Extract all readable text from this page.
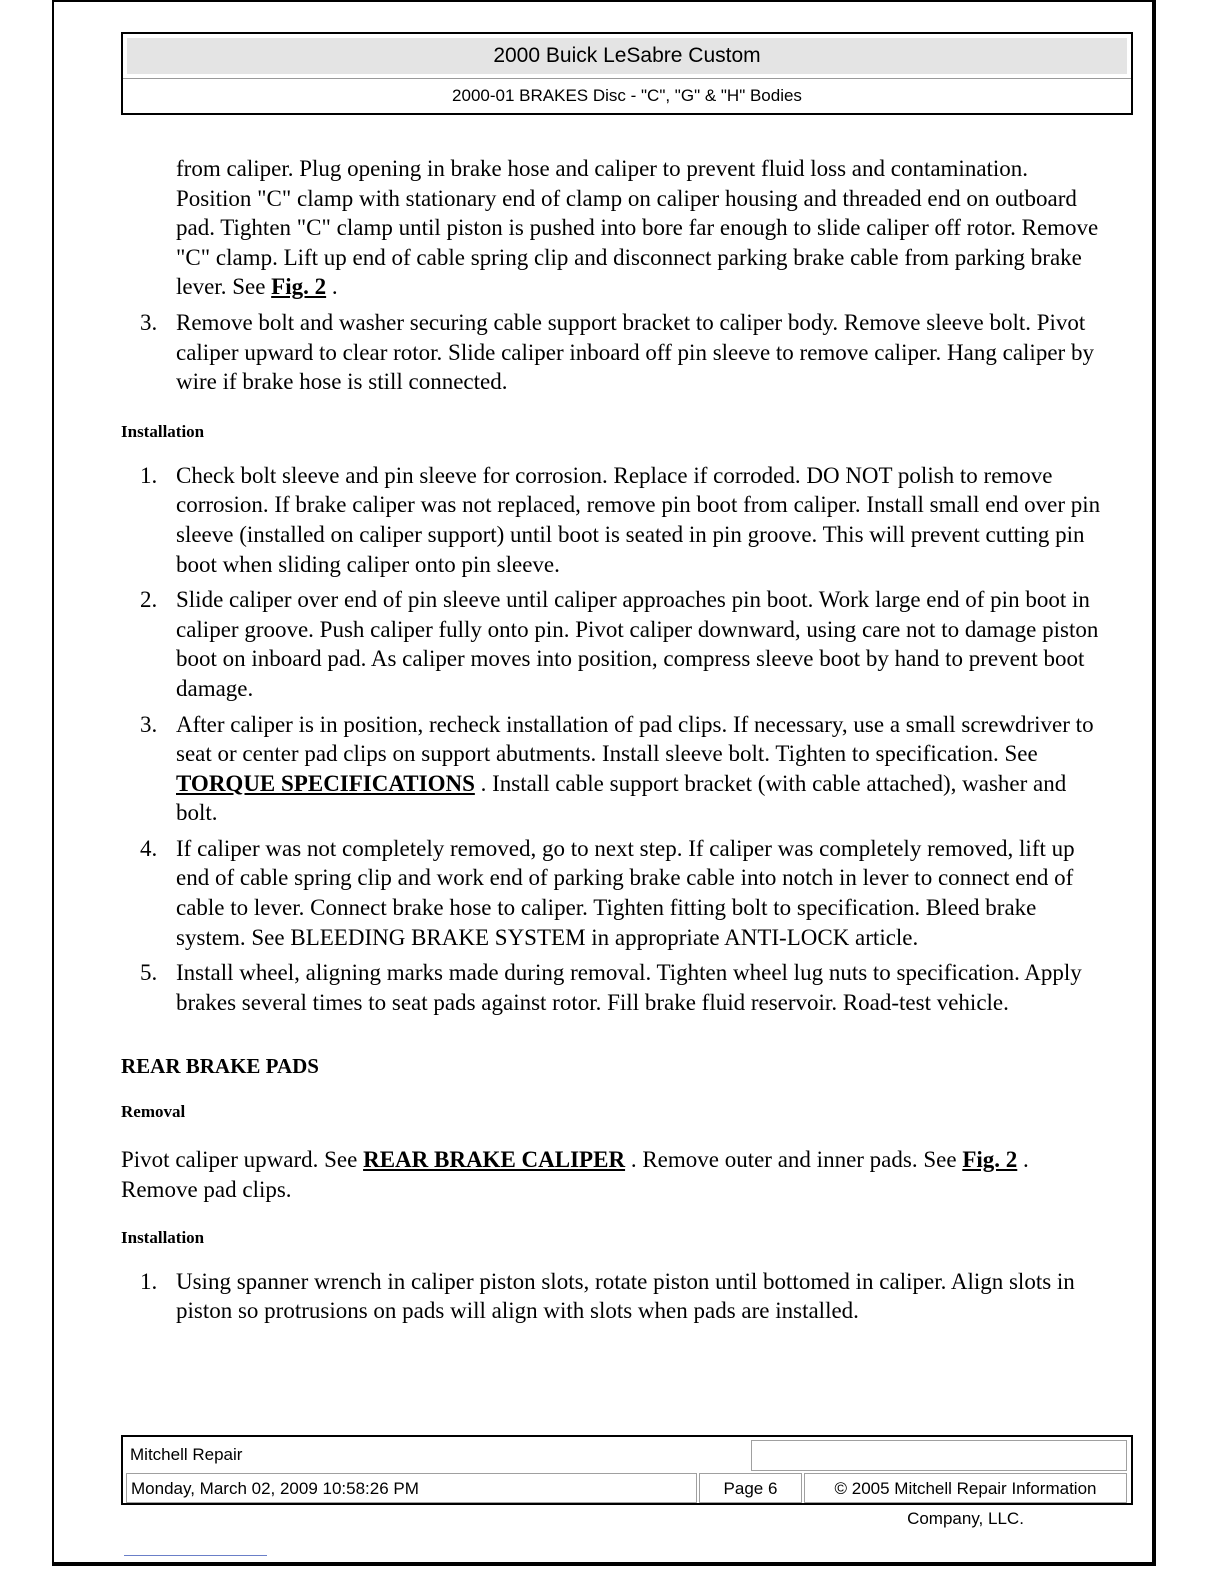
2000 Buick LeSabre Custom
2000-01 BRAKES Disc - "C", "G" & "H" Bodies

from caliper. Plug opening in brake hose and caliper to prevent fluid loss and contamination. Position "C" clamp with stationary end of clamp on caliper housing and threaded end on outboard pad. Tighten "C" clamp until piston is pushed into bore far enough to slide caliper off rotor. Remove "C" clamp. Lift up end of cable spring clip and disconnect parking brake cable from parking brake lever. See Fig. 2 .

3. Remove bolt and washer securing cable support bracket to caliper body. Remove sleeve bolt. Pivot caliper upward to clear rotor. Slide caliper inboard off pin sleeve to remove caliper. Hang caliper by wire if brake hose is still connected.
Installation
1. Check bolt sleeve and pin sleeve for corrosion. Replace if corroded. DO NOT polish to remove corrosion. If brake caliper was not replaced, remove pin boot from caliper. Install small end over pin sleeve (installed on caliper support) until boot is seated in pin groove. This will prevent cutting pin boot when sliding caliper onto pin sleeve.
2. Slide caliper over end of pin sleeve until caliper approaches pin boot. Work large end of pin boot in caliper groove. Push caliper fully onto pin. Pivot caliper downward, using care not to damage piston boot on inboard pad. As caliper moves into position, compress sleeve boot by hand to prevent boot damage.
3. After caliper is in position, recheck installation of pad clips. If necessary, use a small screwdriver to seat or center pad clips on support abutments. Install sleeve bolt. Tighten to specification. See TORQUE SPECIFICATIONS . Install cable support bracket (with cable attached), washer and bolt.
4. If caliper was not completely removed, go to next step. If caliper was completely removed, lift up end of cable spring clip and work end of parking brake cable into notch in lever to connect end of cable to lever. Connect brake hose to caliper. Tighten fitting bolt to specification. Bleed brake system. See BLEEDING BRAKE SYSTEM in appropriate ANTI-LOCK article.
5. Install wheel, aligning marks made during removal. Tighten wheel lug nuts to specification. Apply brakes several times to seat pads against rotor. Fill brake fluid reservoir. Road-test vehicle.
REAR BRAKE PADS
Removal

Pivot caliper upward. See REAR BRAKE CALIPER . Remove outer and inner pads. See Fig. 2 . Remove pad clips.

Installation
1. Using spanner wrench in caliper piston slots, rotate piston until bottomed in caliper. Align slots in piston so protrusions on pads will align with slots when pads are installed.
Mitchell Repair
Monday, March 02, 2009 10:58:26 PM	Page 6	© 2005 Mitchell Repair Information Company, LLC.
